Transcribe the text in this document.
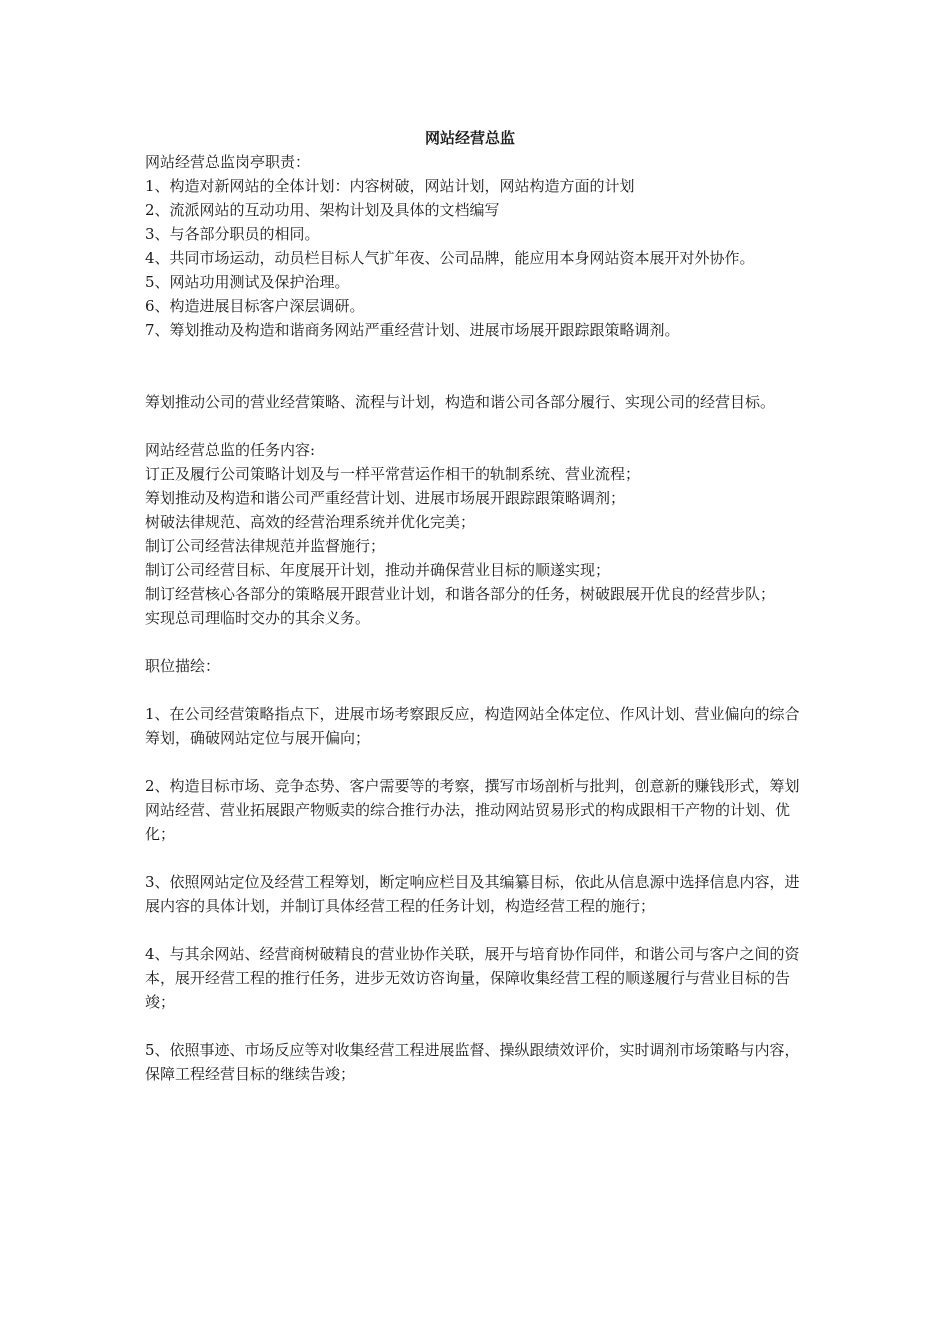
网站经营总监
网站经营总监岗亭职责：
1、构造对新网站的全体计划：内容树破，网站计划，网站构造方面的计划
2、流派网站的互动功用、架构计划及具体的文档编写
3、与各部分职员的相同。
4、共同市场运动，动员栏目标人气扩年夜、公司品牌，能应用本身网站资本展开对外协作。
5、网站功用测试及保护治理。
6、构造进展目标客户深层调研。
7、筹划推动及构造和谐商务网站严重经营计划、进展市场展开跟踪跟策略调剂。
筹划推动公司的营业经营策略、流程与计划，构造和谐公司各部分履行、实现公司的经营目标。
网站经营总监的任务内容:
订正及履行公司策略计划及与一样平常营运作相干的轨制系统、营业流程；
筹划推动及构造和谐公司严重经营计划、进展市场展开跟踪跟策略调剂；
树破法律规范、高效的经营治理系统并优化完美；
制订公司经营法律规范并监督施行；
制订公司经营目标、年度展开计划，推动并确保营业目标的顺遂实现；
制订经营核心各部分的策略展开跟营业计划，和谐各部分的任务，树破跟展开优良的经营步队；
实现总司理临时交办的其余义务。
职位描绘：
1、在公司经营策略指点下，进展市场考察跟反应，构造网站全体定位、作风计划、营业偏向的综合筹划，确破网站定位与展开偏向；
2、构造目标市场、竞争态势、客户需要等的考察，撰写市场剖析与批判，创意新的赚钱形式，筹划网站经营、营业拓展跟产物贩卖的综合推行办法，推动网站贸易形式的构成跟相干产物的计划、优化；
3、依照网站定位及经营工程筹划，断定响应栏目及其编纂目标，依此从信息源中选择信息内容，进展内容的具体计划，并制订具体经营工程的任务计划，构造经营工程的施行；
4、与其余网站、经营商树破精良的营业协作关联，展开与培育协作同伴，和谐公司与客户之间的资本，展开经营工程的推行任务，进步无效访咨询量，保障收集经营工程的顺遂履行与营业目标的告竣；
5、依照事迹、市场反应等对收集经营工程进展监督、操纵跟绩效评价，实时调剂市场策略与内容，保障工程经营目标的继续告竣；
